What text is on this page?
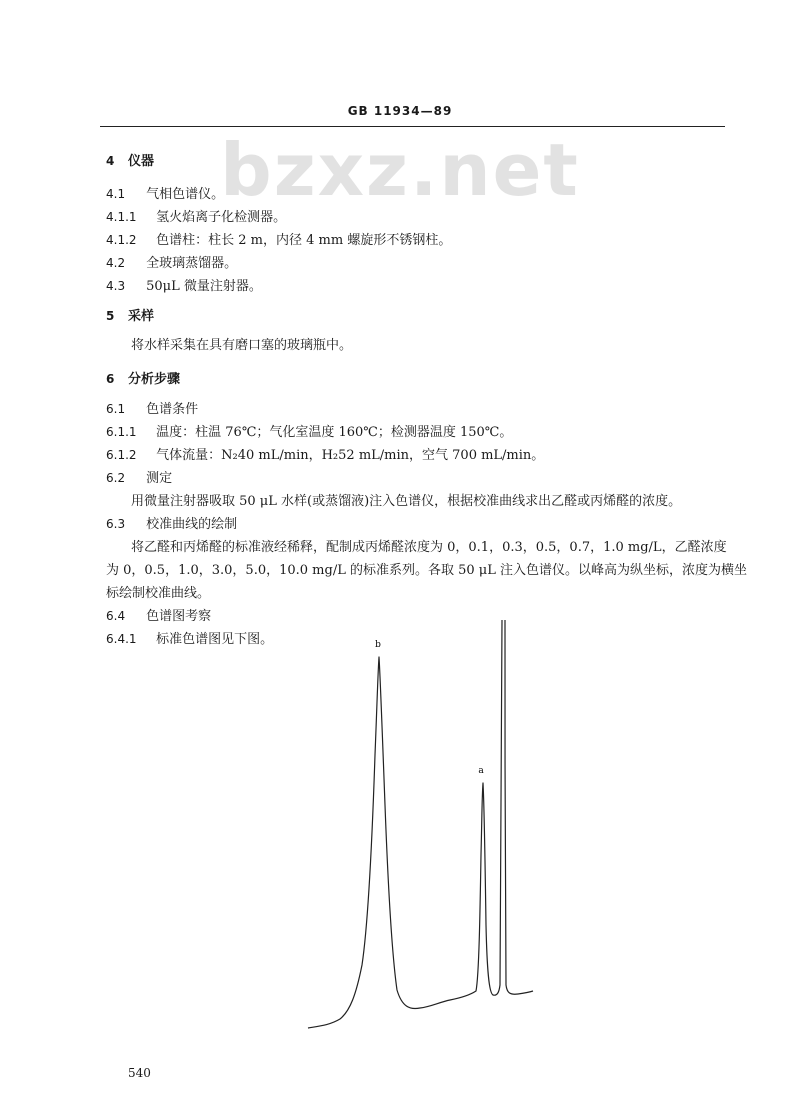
GB 11934—89
bzxz.net
4 仪器
4.1 气相色谱仪。
4.1.1 氢火焰离子化检测器。
4.1.2 色谱柱：柱长 2 m，内径 4 mm 螺旋形不锈钢柱。
4.2 全玻璃蒸馏器。
4.3 50μL 微量注射器。
5 采样
将水样采集在具有磨口塞的玻璃瓶中。
6 分析步骤
6.1 色谱条件
6.1.1 温度：柱温 76℃；气化室温度 160℃；检测器温度 150℃。
6.1.2 气体流量：N₂40 mL/min，H₂52 mL/min，空气 700 mL/min。
6.2 测定
用微量注射器吸取 50 μL 水样(或蒸馏液)注入色谱仪，根据校准曲线求出乙醛或丙烯醛的浓度。
6.3 校准曲线的绘制
将乙醛和丙烯醛的标准液经稀释，配制成丙烯醛浓度为 0，0.1，0.3，0.5，0.7，1.0 mg/L，乙醛浓度
为 0，0.5，1.0，3.0，5.0，10.0 mg/L 的标准系列。各取 50 μL 注入色谱仪。以峰高为纵坐标，浓度为横坐
标绘制校准曲线。
6.4 色谱图考察
6.4.1 标准色谱图见下图。	b
a
540
